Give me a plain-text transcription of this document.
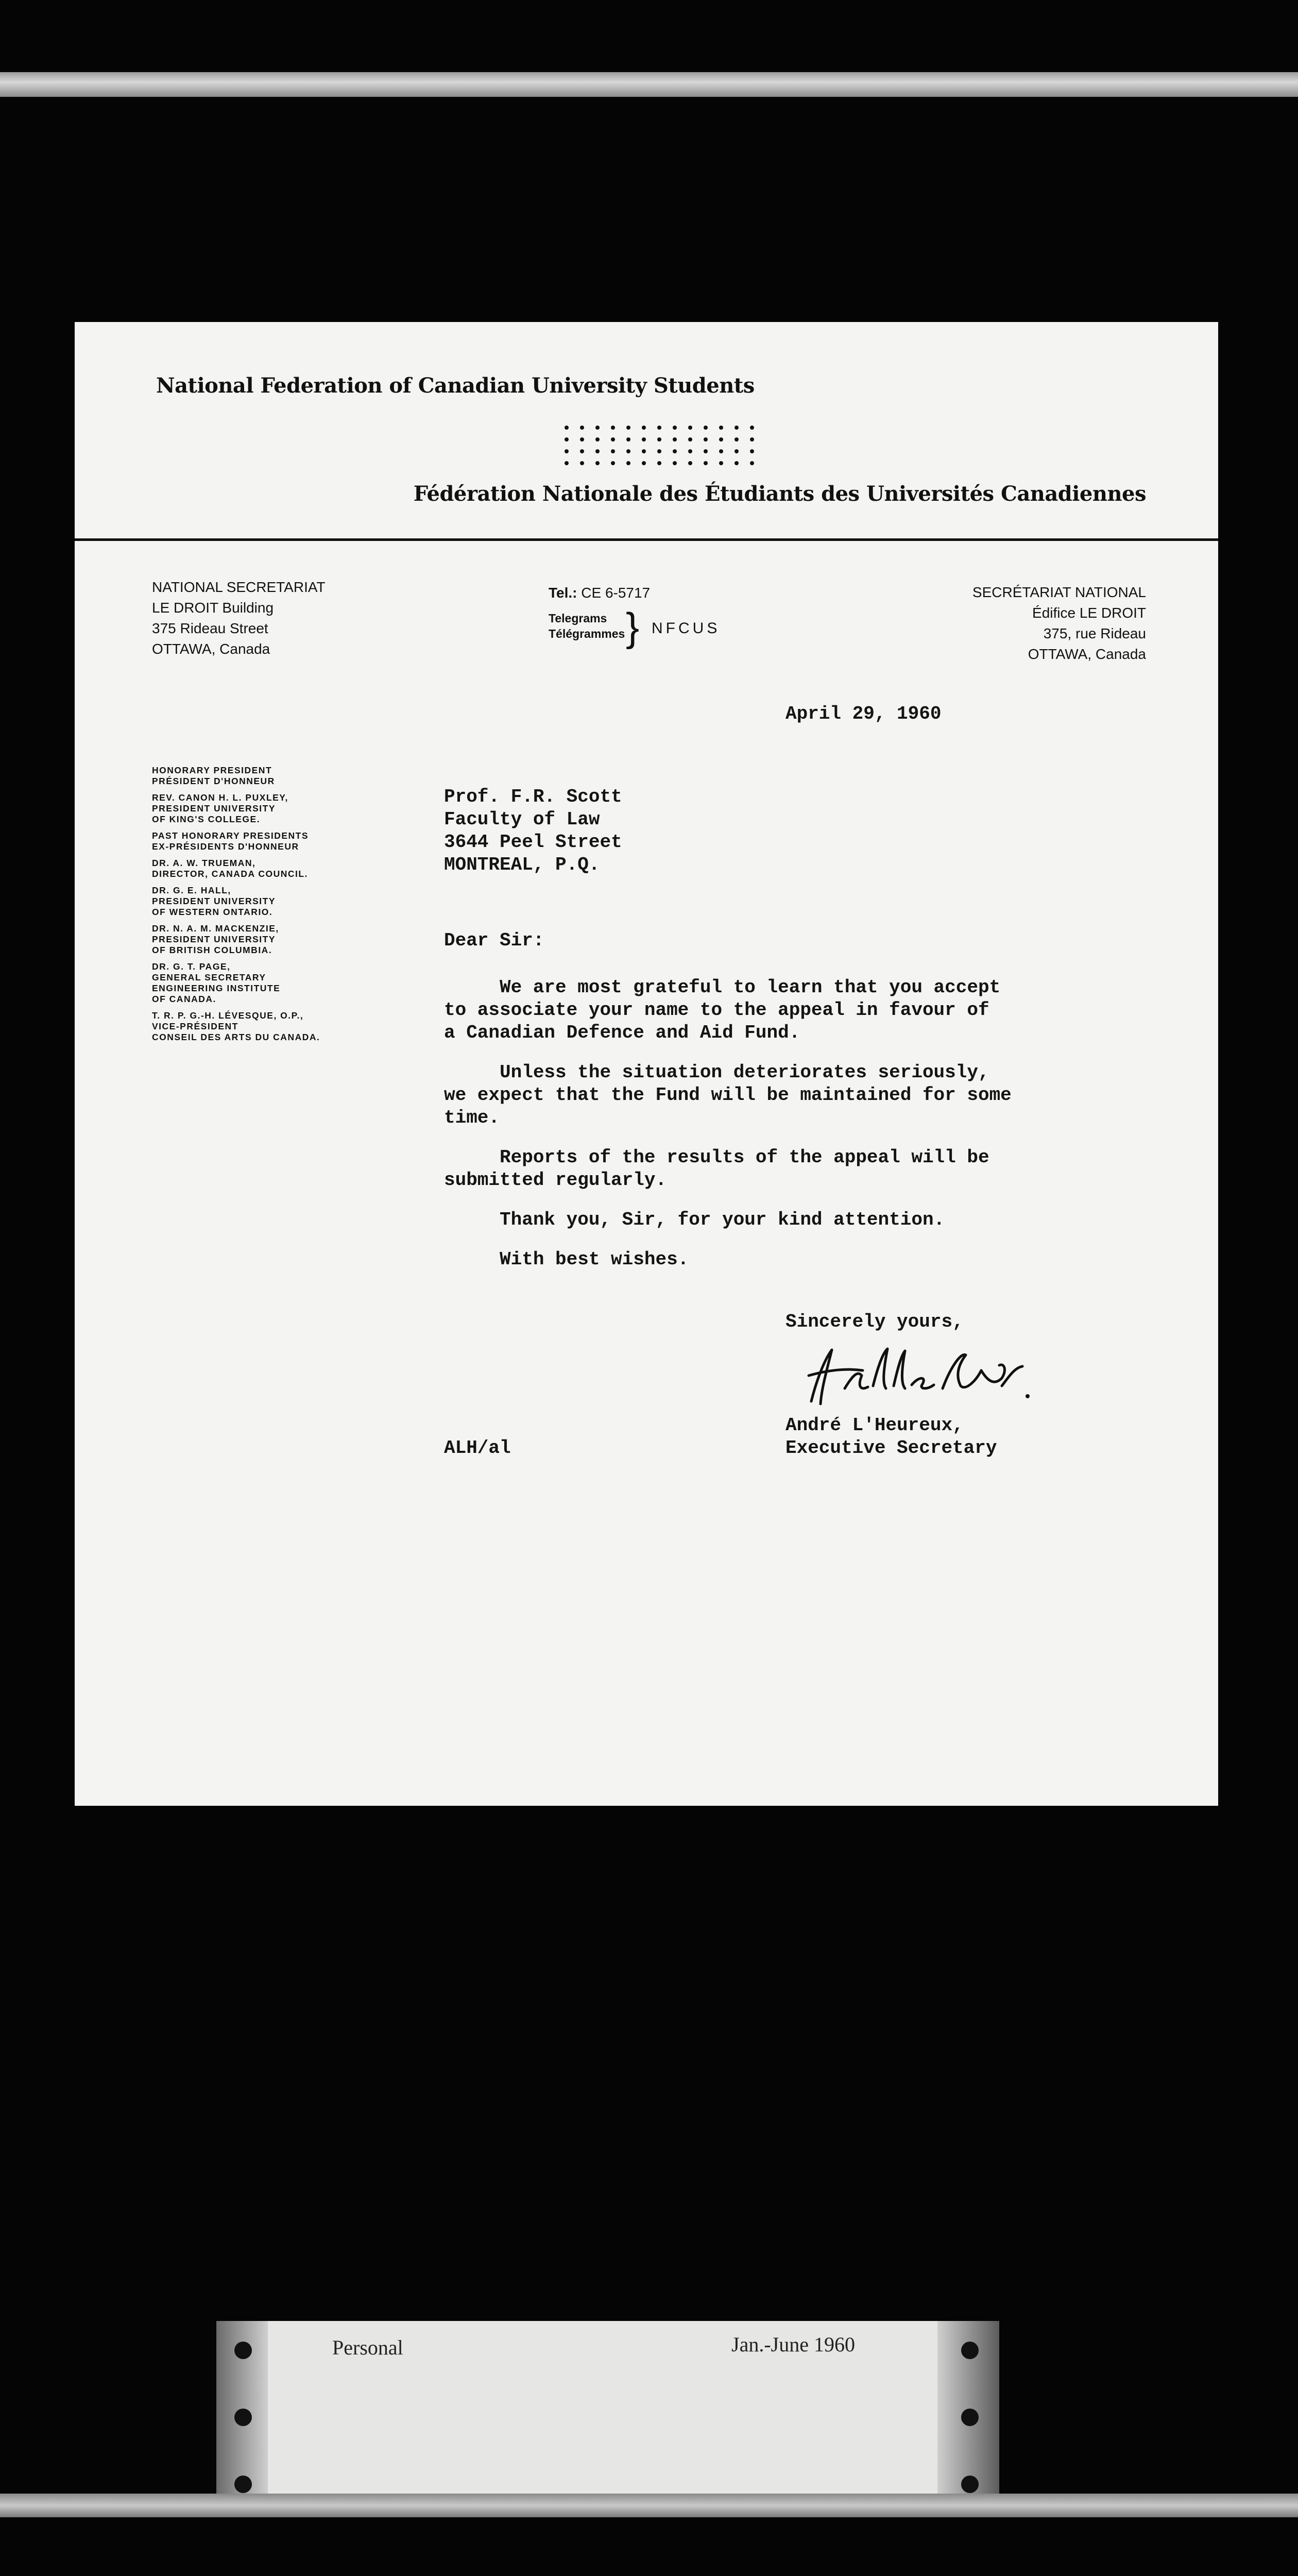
National Federation of Canadian University Students
Fédération Nationale des Étudiants des Universités Canadiennes
NATIONAL SECRETARIAT
LE DROIT Building
375 Rideau Street
OTTAWA, Canada
Tel.: CE 6-5717
Telegrams
Télégrammes } NFCUS
SECRÉTARIAT NATIONAL
Édifice LE DROIT
375, rue Rideau
OTTAWA, Canada
HONORARY PRESIDENT
PRÉSIDENT D'HONNEUR
REV. CANON H. L. PUXLEY,
PRESIDENT UNIVERSITY
OF KING'S COLLEGE.
PAST HONORARY PRESIDENTS
EX-PRÉSIDENTS D'HONNEUR
DR. A. W. TRUEMAN,
DIRECTOR, CANADA COUNCIL.
DR. G. E. HALL,
PRESIDENT UNIVERSITY
OF WESTERN ONTARIO.
DR. N. A. M. MACKENZIE,
PRESIDENT UNIVERSITY
OF BRITISH COLUMBIA.
DR. G. T. PAGE,
GENERAL SECRETARY
ENGINEERING INSTITUTE
OF CANADA.
T. R. P. G.-H. LÉVESQUE, O.P.,
VICE-PRÉSIDENT
CONSEIL DES ARTS DU CANADA.
April 29, 1960
Prof. F.R. Scott
Faculty of Law
3644 Peel Street
MONTREAL, P.Q.
Dear Sir:

We are most grateful to learn that you accept
to associate your name to the appeal in favour of
a Canadian Defence and Aid Fund.

Unless the situation deteriorates seriously,
we expect that the Fund will be maintained for some
time.

Reports of the results of the appeal will be
submitted regularly.

Thank you, Sir, for your kind attention.

With best wishes.

Sincerely yours,
André L'Heureux,
Executive Secretary
ALH/al
Personal	Jan.-June 1960
